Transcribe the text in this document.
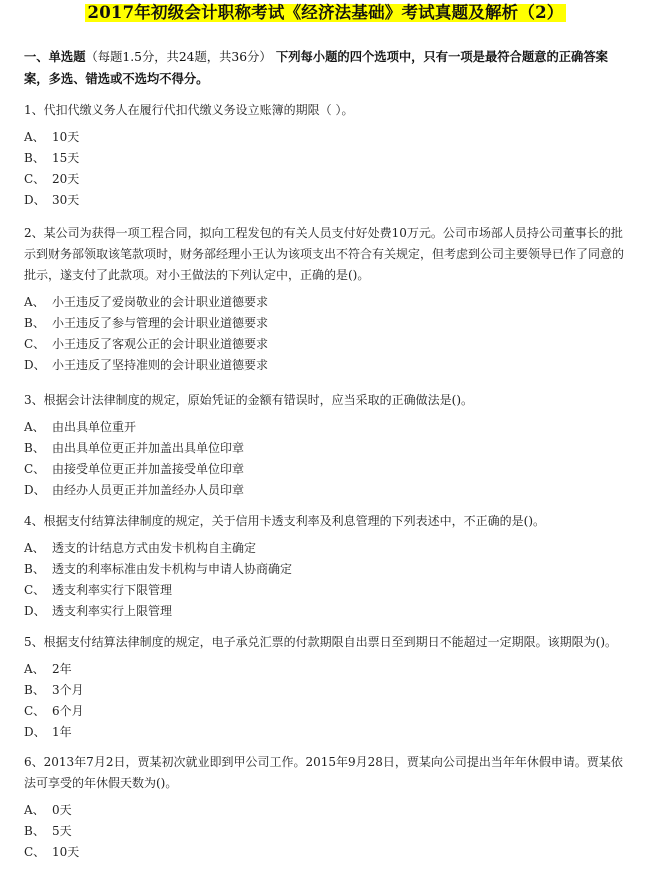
2017年初级会计职称考试《经济法基础》考试真题及解析（2）
一、单选题（每题1.5分，共24题，共36分） 下列每小题的四个选项中，只有一项是最符合题意的正确答案案，多选、错选或不选均不得分。
1、代扣代缴义务人在履行代扣代缴义务设立账簿的期限（ ）。
A、 10天
B、 15天
C、 20天
D、 30天
2、某公司为获得一项工程合同，拟向工程发包的有关人员支付好处费10万元。公司市场部人员持公司董事长的批示到财务部领取该笔款项时，财务部经理小王认为该项支出不符合有关规定，但考虑到公司主要领导已作了同意的批示，遂支付了此款项。对小王做法的下列认定中，正确的是()。
A、 小王违反了爱岗敬业的会计职业道德要求
B、 小王违反了参与管理的会计职业道德要求
C、 小王违反了客观公正的会计职业道德要求
D、 小王违反了坚持准则的会计职业道德要求
3、根据会计法律制度的规定，原始凭证的金额有错误时，应当采取的正确做法是()。
A、 由出具单位重开
B、 由出具单位更正并加盖出具单位印章
C、 由接受单位更正并加盖接受单位印章
D、 由经办人员更正并加盖经办人员印章
4、根据支付结算法律制度的规定，关于信用卡透支利率及利息管理的下列表述中，不正确的是()。
A、 透支的计结息方式由发卡机构自主确定
B、 透支的利率标准由发卡机构与申请人协商确定
C、 透支利率实行下限管理
D、 透支利率实行上限管理
5、根据支付结算法律制度的规定，电子承兑汇票的付款期限自出票日至到期日不能超过一定期限。该期限为()。
A、 2年
B、 3个月
C、 6个月
D、 1年
6、2013年7月2日，贾某初次就业即到甲公司工作。2015年9月28日，贾某向公司提出当年年休假申请。贾某依法可享受的年休假天数为()。
A、 0天
B、 5天
C、 10天
